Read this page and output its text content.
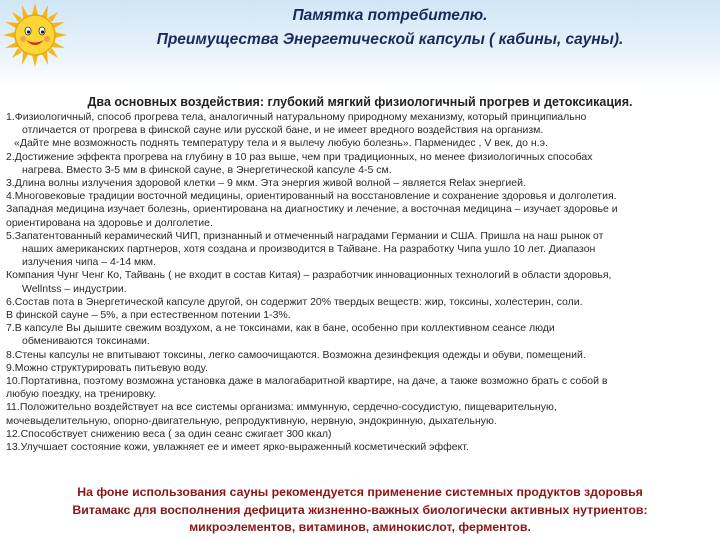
Памятка потребителю.
Преимущества Энергетической капсулы ( кабины, сауны).
Два основных воздействия: глубокий мягкий физиологичный прогрев и детоксикация.
1.Физиологичный, способ прогрева тела, аналогичный натуральному природному механизму, который принципиально
отличается от прогрева в финской сауне или русской бане, и не имеет вредного воздействия на организм.
«Дайте мне возможность поднять температуру тела и я вылечу любую болезнь». Парменидес , V век, до н.э.
2.Достижение эффекта прогрева на глубину в 10 раз выше, чем при традиционных, но менее физиологичных способах
нагрева. Вместо 3-5 мм в финской сауне, в Энергетической капсуле 4-5 см.
3.Длина волны излучения здоровой клетки – 9 мкм. Эта энергия живой волной – является Relax энергией.
4.Многовековые традиции восточной медицины, ориентированный на восстановление и сохранение здоровья и долголетия.
Западная медицина изучает болезнь, ориентирована на диагностику и лечение, а восточная медицина – изучает здоровье и
ориентирована на здоровье и долголетие.
5.Запатентованный керамический ЧИП, признанный и отмеченный наградами Германии и США. Пришла на наш рынок от
наших американских партнеров, хотя создана и производится в Тайване. На разработку Чипа ушло 10 лет. Диапазон
излучения чипа – 4-14 мкм.
Компания Чунг Ченг Ко, Тайвань ( не входит в состав Китая) – разработчик инновационных технологий в области здоровья,
Wellntss – индустрии.
6.Состав пота в Энергетической капсуле другой, он содержит 20% твердых веществ: жир, токсины, холестерин, соли.
В финской сауне – 5%, а при естественном потении 1-3%.
7.В капсуле Вы дышите свежим воздухом, а не токсинами, как в бане, особенно при коллективном сеансе люди
обмениваются токсинами.
8.Стены капсулы не впитывают токсины, легко самоочищаются. Возможна дезинфекция одежды и обуви, помещений.
9.Можно структурировать питьевую воду.
10.Портативна, поэтому возможна установка даже в малогабаритной квартире, на даче, а также возможно брать с собой в
любую поездку, на тренировку.
11.Положительно воздействует на все системы организма: иммунную, сердечно-сосудистую, пищеварительную,
мочевыделительную, опорно-двигательную, репродуктивную, нервную, эндокринную, дыхательную.
12.Способствует снижению веса ( за один сеанс сжигает 300 ккал)
13.Улучшает состояние кожи, увлажняет ее и имеет ярко-выраженный косметический эффект.
На фоне использования сауны рекомендуется применение системных продуктов здоровья
Витамакс для восполнения дефицита жизненно-важных биологически активных нутриентов:
микроэлементов, витаминов, аминокислот, ферментов.
